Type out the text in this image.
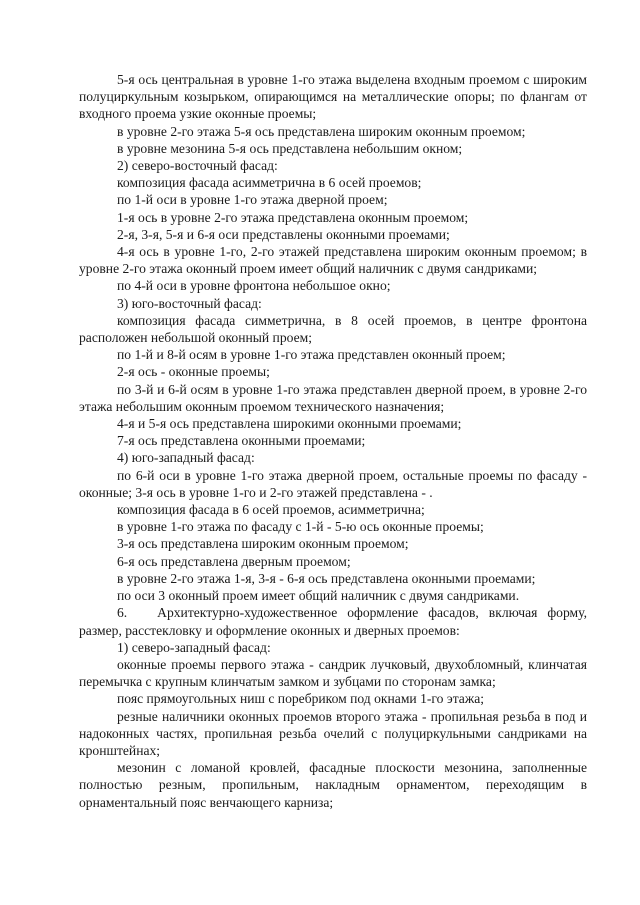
5-я ось центральная в уровне 1-го этажа выделена входным проемом с широким полуциркульным козырьком, опирающимся на металлические опоры; по флангам от входного проема узкие оконные проемы;

в уровне 2-го этажа 5-я ось представлена широким оконным проемом;

в уровне мезонина 5-я ось представлена небольшим окном;

2) северо-восточный фасад:

композиция фасада асимметрична в 6 осей проемов;

по 1-й оси в уровне 1-го этажа дверной проем;

1-я ось в уровне 2-го этажа представлена оконным проемом;

2-я, 3-я, 5-я и 6-я оси представлены оконными проемами;

4-я ось в уровне 1-го, 2-го этажей представлена широким оконным проемом; в уровне 2-го этажа оконный проем имеет общий наличник с двумя сандриками;

по 4-й оси в уровне фронтона небольшое окно;

3) юго-восточный фасад:

композиция фасада симметрична, в 8 осей проемов, в центре фронтона расположен небольшой оконный проем;

по 1-й и 8-й осям в уровне 1-го этажа представлен оконный проем;

2-я ось - оконные проемы;

по 3-й и 6-й осям в уровне 1-го этажа представлен дверной проем, в уровне 2-го этажа небольшим оконным проемом технического назначения;

4-я и 5-я ось представлена широкими оконными проемами;

7-я ось представлена оконными проемами;

4) юго-западный фасад:

по 6-й оси в уровне 1-го этажа дверной проем, остальные проемы по фасаду - оконные; 3-я ось в уровне 1-го и 2-го этажей представлена - .

композиция фасада в 6 осей проемов, асимметрична;

в уровне 1-го этажа по фасаду с 1-й - 5-ю ось оконные проемы;

3-я ось представлена широким оконным проемом;

6-я ось представлена дверным проемом;

в уровне 2-го этажа 1-я, 3-я - 6-я ось представлена оконными проемами;

по оси 3 оконный проем имеет общий наличник с двумя сандриками.

6.   Архитектурно-художественное оформление фасадов, включая форму, размер, расстекловку и оформление оконных и дверных проемов:

1) северо-западный фасад:

оконные проемы первого этажа - сандрик лучковый, двухобломный, клинчатая перемычка с крупным клинчатым замком и зубцами по сторонам замка;

пояс прямоугольных ниш с поребриком под окнами 1-го этажа;

резные наличники оконных проемов второго этажа - пропильная резьба в под и надоконных частях, пропильная резьба очелий с полуциркульными сандриками на кронштейнах;

мезонин с ломаной кровлей, фасадные плоскости мезонина, заполненные полностью резным, пропильным, накладным орнаментом, переходящим в орнаментальный пояс венчающего карниза;
